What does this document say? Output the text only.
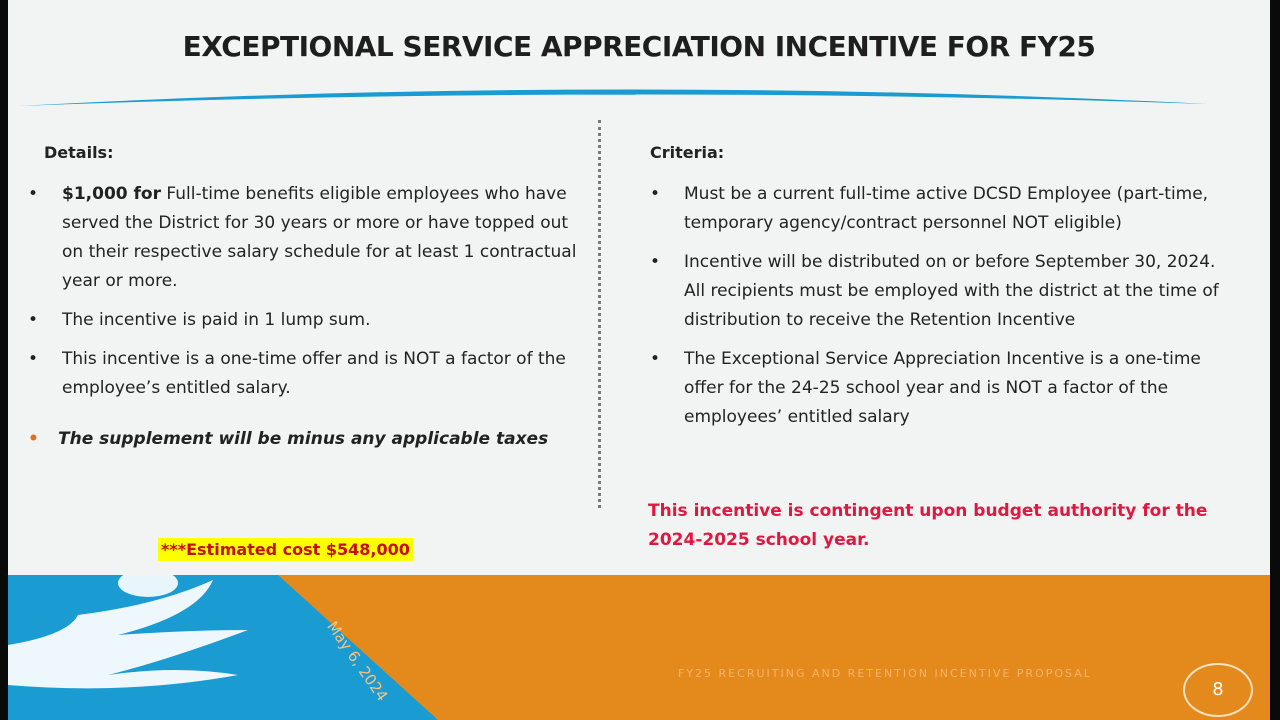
EXCEPTIONAL SERVICE APPRECIATION INCENTIVE FOR FY25
Details:
• $1,000 for Full-time benefits eligible employees who have served the District for 30 years or more or have topped out on their respective salary schedule for at least 1 contractual year or more.
• The incentive is paid in 1 lump sum.
• This incentive is a one-time offer and is NOT a factor of the employee’s entitled salary.
• The supplement will be minus any applicable taxes
Criteria:
• Must be a current full-time active DCSD Employee (part-time, temporary agency/contract personnel NOT eligible)
• Incentive will be distributed on or before September 30, 2024. All recipients must be employed with the district at the time of distribution to receive the Retention Incentive
• The Exceptional Service Appreciation Incentive is a one-time offer for the 24-25 school year and is NOT a factor of the employees’ entitled salary
This incentive is contingent upon budget authority for the 2024-2025 school year.
***Estimated cost $548,000
May 6, 2024	FY25 RECRUITING AND RETENTION INCENTIVE PROPOSAL
8
